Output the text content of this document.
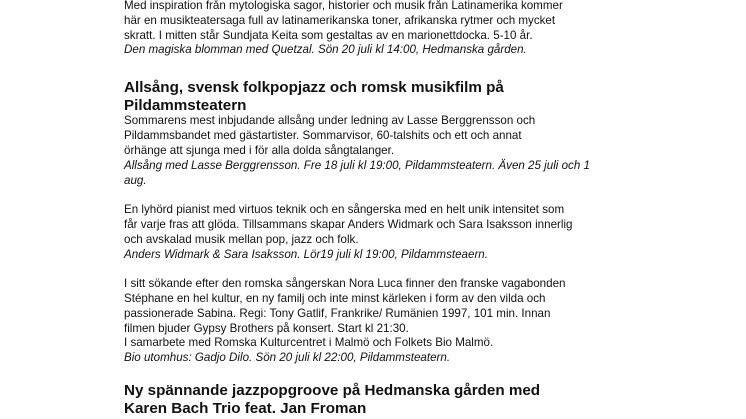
Med inspiration från mytologiska sagor, historier och musik från Latinamerika kommer

här en musikteatersaga full av latinamerikanska toner, afrikanska rytmer och mycket

skratt. I mitten står Sundjata Keita som gestaltas av en marionettdocka. 5-10 år.

Den magiska blomman med Quetzal. Sön 20 juli kl 14:00, Hedmanska gården.

Allsång, svensk folkpopjazz och romsk musikfilm på
Pildammsteatern

Sommarens mest inbjudande allsång under ledning av Lasse Berggrensson och

Pildammsbandet med gästartister. Sommarvisor, 60-talshits och ett och annat

örhänge att sjunga med i för alla dolda sångtalanger.

Allsång med Lasse Berggrensson. Fre 18 juli kl 19:00, Pildammsteatern. Även 25 juli och 1

aug.

En lyhörd pianist med virtuos teknik och en sångerska med en helt unik intensitet som

får varje fras att glöda. Tillsammans skapar Anders Widmark och Sara Isaksson innerlig

och avskalad musik mellan pop, jazz och folk.

Anders Widmark & Sara Isaksson. Lör19 juli kl 19:00, Pildammsteaern.

I sitt sökande efter den romska sångerskan Nora Luca finner den franske vagabonden

Stéphane en hel kultur, en ny familj och inte minst kärleken i form av den vilda och

passionerade Sabina. Regi: Tony Gatlif, Frankrike/ Rumänien 1997, 101 min. Innan

filmen bjuder Gypsy Brothers på konsert. Start kl 21:30.

I samarbete med Romska Kulturcentret i Malmö och Folkets Bio Malmö.

Bio utomhus: Gadjo Dilo. Sön 20 juli kl 22:00, Pildammsteatern.

Ny spännande jazzpopgroove på Hedmanska gården med
Karen Bach Trio feat. Jan Froman
